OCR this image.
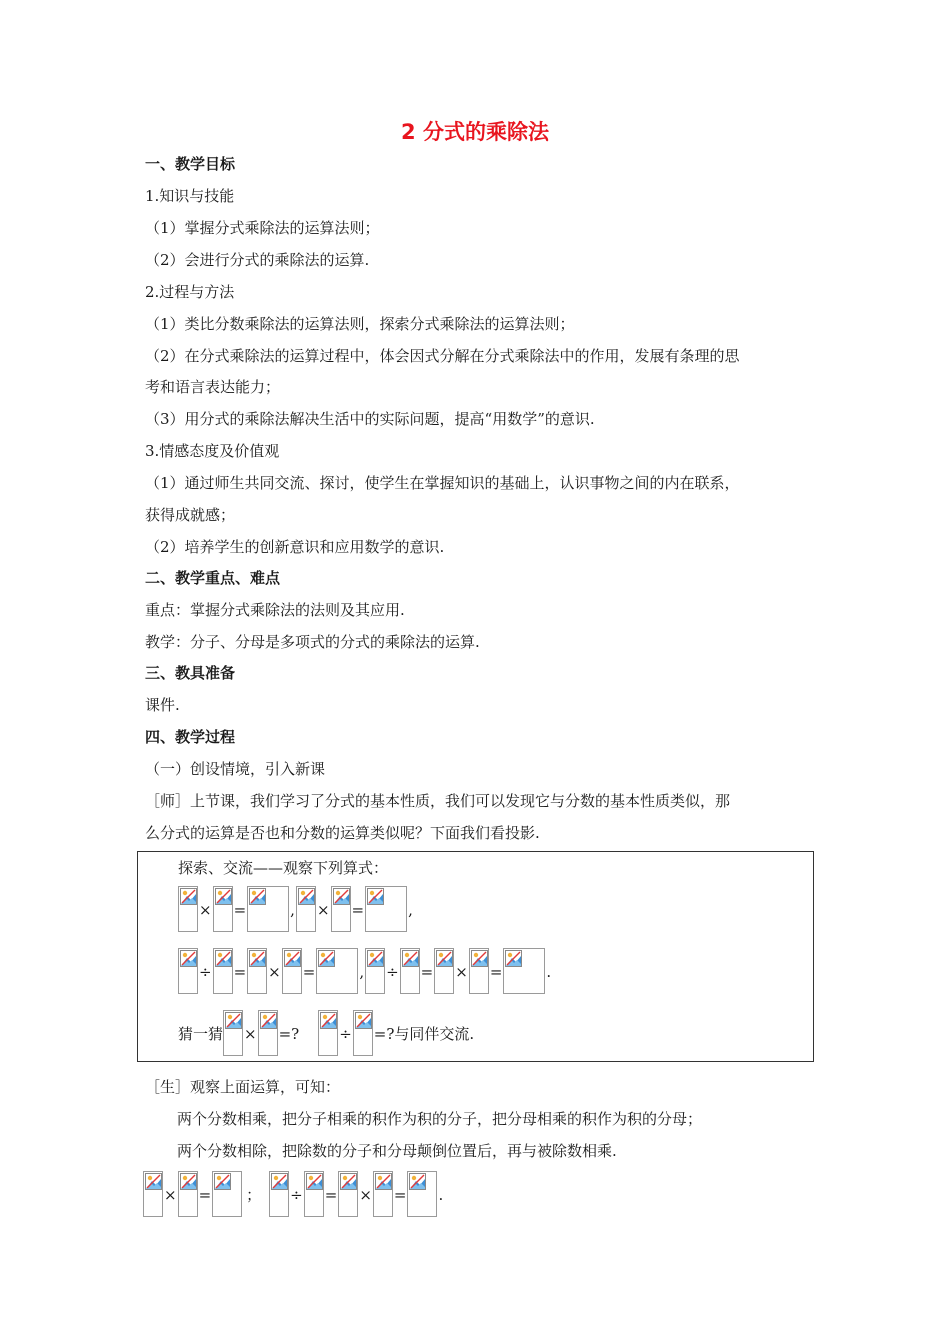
2 分式的乘除法
一、教学目标
1.知识与技能
（1）掌握分式乘除法的运算法则；
（2）会进行分式的乘除法的运算.
2.过程与方法
（1）类比分数乘除法的运算法则，探索分式乘除法的运算法则；
（2）在分式乘除法的运算过程中，体会因式分解在分式乘除法中的作用，发展有条理的思
考和语言表达能力；
（3）用分式的乘除法解决生活中的实际问题，提高“用数学”的意识.
3.情感态度及价值观
（1）通过师生共同交流、探讨，使学生在掌握知识的基础上，认识事物之间的内在联系，
获得成就感；
（2）培养学生的创新意识和应用数学的意识.
二、教学重点、难点
重点：掌握分式乘除法的法则及其应用.
教学：分子、分母是多项式的分式的乘除法的运算.
三、教具准备
课件.
四、教学过程
（一）创设情境，引入新课
［师］上节课，我们学习了分式的基本性质，我们可以发现它与分数的基本性质类似，那
么分式的运算是否也和分数的运算类似呢？下面我们看投影.
探索、交流——观察下列算式：
× =	, × =	,
÷ = × =	, ÷ = × =	.
猜一猜 × =?	÷ =?与同伴交流.
［生］观察上面运算，可知：
两个分数相乘，把分子相乘的积作为积的分子，把分母相乘的积作为积的分母；
两个分数相除，把除数的分子和分母颠倒位置后，再与被除数相乘.
× = ；	÷ = × = .
